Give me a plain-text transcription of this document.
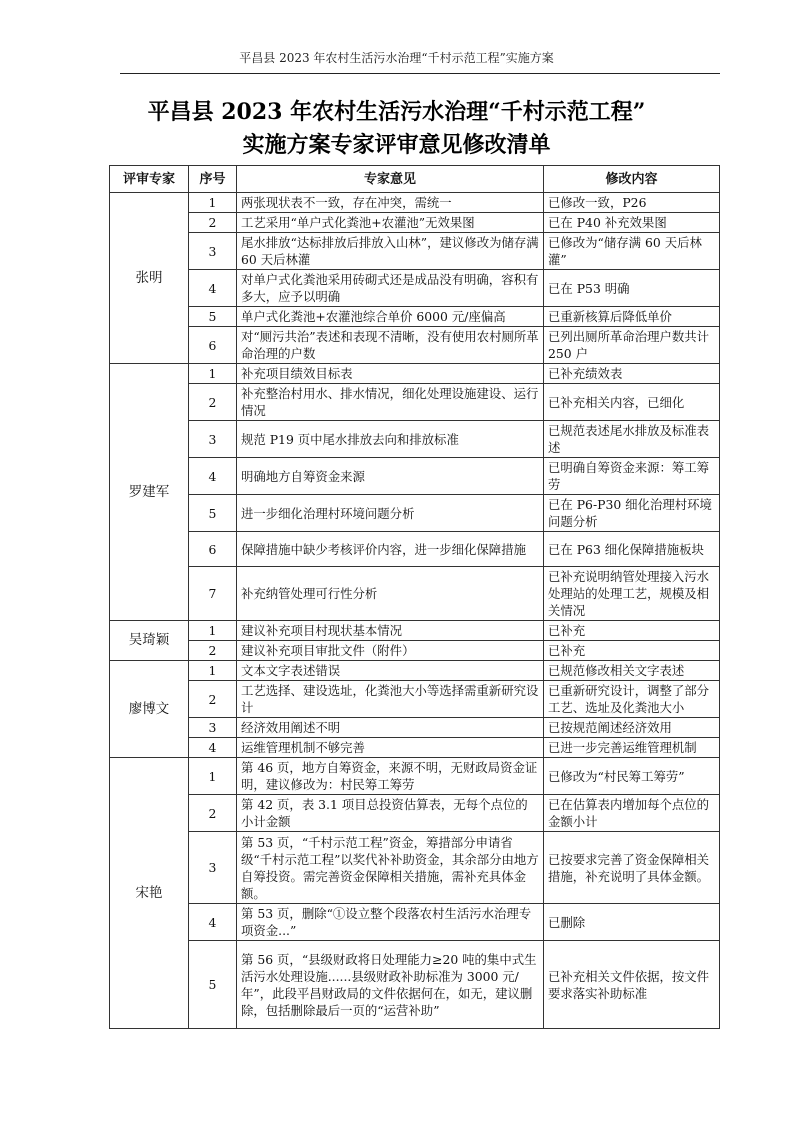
平昌县 2023 年农村生活污水治理“千村示范工程”实施方案
平昌县 2023 年农村生活污水治理“千村示范工程”
实施方案专家评审意见修改清单
评审专家	序号	专家意见	修改内容
张明	1	两张现状表不一致，存在冲突，需统一	已修改一致，P26
	2	工艺采用“单户式化粪池+农灌池”无效果图	已在 P40 补充效果图
	3	尾水排放“达标排放后排放入山林”，建议修改为储存满 60 天后林灌	已修改为“储存满 60 天后林灌”
	4	对单户式化粪池采用砖砌式还是成品没有明确，容积有多大，应予以明确	已在 P53 明确
	5	单户式化粪池+农灌池综合单价 6000 元/座偏高	已重新核算后降低单价
	6	对“厕污共治”表述和表现不清晰，没有使用农村厕所革命治理的户数	已列出厕所革命治理户数共计 250 户
罗建军	1	补充项目绩效目标表	已补充绩效表
	2	补充整治村用水、排水情况，细化处理设施建设、运行情况	已补充相关内容，已细化
	3	规范 P19 页中尾水排放去向和排放标准	已规范表述尾水排放及标准表述
	4	明确地方自筹资金来源	已明确自筹资金来源：筹工筹劳
	5	进一步细化治理村环境问题分析	已在 P6-P30 细化治理村环境问题分析
	6	保障措施中缺少考核评价内容，进一步细化保障措施	已在 P63 细化保障措施板块
	7	补充纳管处理可行性分析	已补充说明纳管处理接入污水处理站的处理工艺，规模及相关情况
吴琦颖	1	建议补充项目村现状基本情况	已补充
	2	建议补充项目审批文件（附件）	已补充
廖博文	1	文本文字表述错误	已规范修改相关文字表述
	2	工艺选择、建设选址，化粪池大小等选择需重新研究设计	已重新研究设计，调整了部分工艺、选址及化粪池大小
	3	经济效用阐述不明	已按规范阐述经济效用
	4	运维管理机制不够完善	已进一步完善运维管理机制
宋艳	1	第 46 页，地方自筹资金，来源不明，无财政局资金证明，建议修改为：村民筹工筹劳	已修改为“村民筹工筹劳”
	2	第 42 页，表 3.1 项目总投资估算表，无每个点位的小计金额	已在估算表内增加每个点位的金额小计
	3	第 53 页，“千村示范工程”资金，筹措部分申请省级“千村示范工程”以奖代补补助资金，其余部分由地方自筹投资。需完善资金保障相关措施，需补充具体金额。	已按要求完善了资金保障相关措施，补充说明了具体金额。
	4	第 53 页，删除“①设立整个段落农村生活污水治理专项资金...”	已删除
	5	第 56 页，“县级财政将日处理能力≥20 吨的集中式生活污水处理设施......县级财政补助标准为 3000 元/年”，此段平昌财政局的文件依据何在，如无，建议删除，包括删除最后一页的“运营补助”	已补充相关文件依据，按文件要求落实补助标准
